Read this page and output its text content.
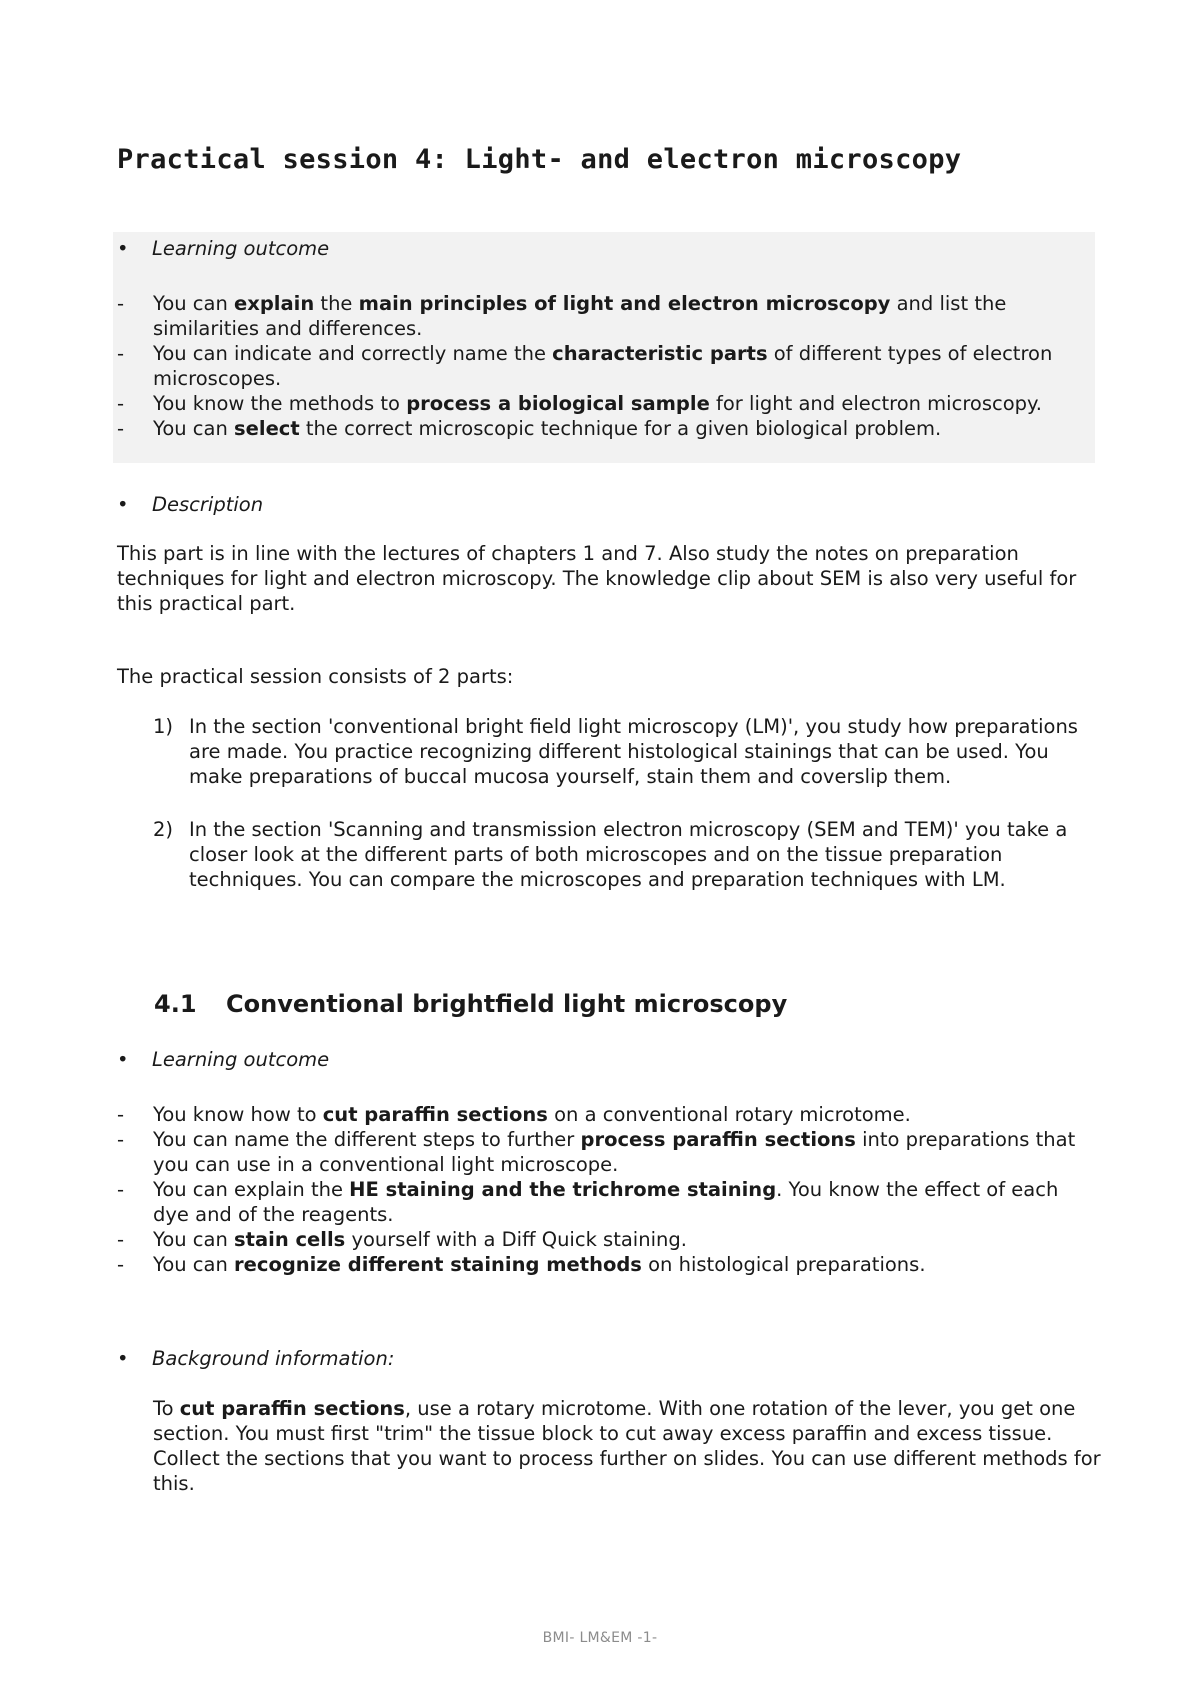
Practical session 4: Light- and electron microscopy
• Learning outcome
- You can explain the main principles of light and electron microscopy and list the similarities and differences.
- You can indicate and correctly name the characteristic parts of different types of electron microscopes.
- You know the methods to process a biological sample for light and electron microscopy.
- You can select the correct microscopic technique for a given biological problem.
• Description

This part is in line with the lectures of chapters 1 and 7. Also study the notes on preparation techniques for light and electron microscopy. The knowledge clip about SEM is also very useful for this practical part.

The practical session consists of 2 parts:

1) In the section 'conventional bright field light microscopy (LM)', you study how preparations are made. You practice recognizing different histological stainings that can be used. You make preparations of buccal mucosa yourself, stain them and coverslip them.
2) In the section 'Scanning and transmission electron microscopy (SEM and TEM)' you take a closer look at the different parts of both microscopes and on the tissue preparation techniques. You can compare the microscopes and preparation techniques with LM.
4.1 Conventional brightfield light microscopy
• Learning outcome
- You know how to cut paraffin sections on a conventional rotary microtome.
- You can name the different steps to further process paraffin sections into preparations that you can use in a conventional light microscope.
- You can explain the HE staining and the trichrome staining. You know the effect of each dye and of the reagents.
- You can stain cells yourself with a Diff Quick staining.
- You can recognize different staining methods on histological preparations.
• Background information:

To cut paraffin sections, use a rotary microtome. With one rotation of the lever, you get one section. You must first "trim" the tissue block to cut away excess paraffin and excess tissue. Collect the sections that you want to process further on slides. You can use different methods for this.

BMI- LM&EM -1-
